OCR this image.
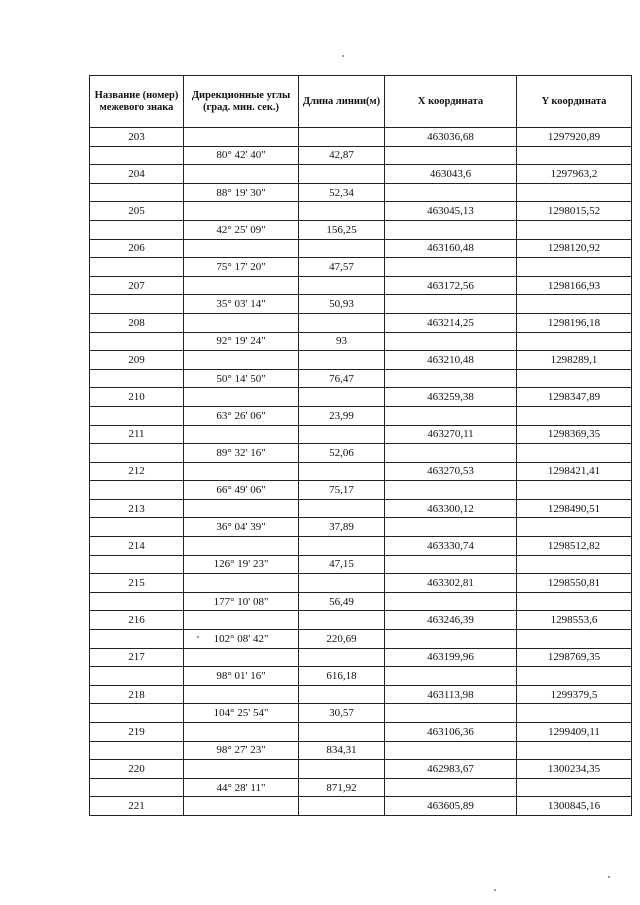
Название (номер) межевого знака	Дирекционные углы (град. мин. сек.)	Длина линии(м)	X координата	Y координата
203			463036,68	1297920,89
	80° 42' 40"	42,87		
204			463043,6	1297963,2
	88° 19' 30"	52,34		
205			463045,13	1298015,52
	42° 25' 09"	156,25		
206			463160,48	1298120,92
	75° 17' 20"	47,57		
207			463172,56	1298166,93
	35° 03' 14"	50,93		
208			463214,25	1298196,18
	92° 19' 24"	93		
209			463210,48	1298289,1
	50° 14' 50"	76,47		
210			463259,38	1298347,89
	63° 26' 06"	23,99		
211			463270,11	1298369,35
	89° 32' 16"	52,06		
212			463270,53	1298421,41
	66° 49' 06"	75,17		
213			463300,12	1298490,51
	36° 04' 39"	37,89		
214			463330,74	1298512,82
	126° 19' 23"	47,15		
215			463302,81	1298550,81
	177° 10' 08"	56,49		
216			463246,39	1298553,6
	102° 08' 42"	220,69		
217			463199,96	1298769,35
	98° 01' 16"	616,18		
218			463113,98	1299379,5
	104° 25' 54"	30,57		
219			463106,36	1299409,11
	98° 27' 23"	834,31		
220			462983,67	1300234,35
	44° 28' 11"	871,92		
221			463605,89	1300845,16
